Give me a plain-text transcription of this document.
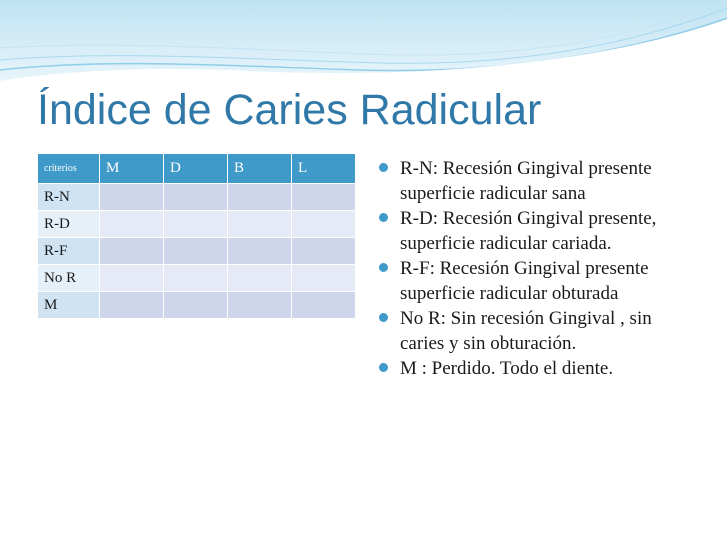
Índice de Caries Radicular
criterios	M	D	B	L
R-N				
R-D				
R-F				
No R				
M				
R-N: Recesión Gingival presente superficie radicular sana
R-D: Recesión Gingival presente, superficie radicular cariada.
R-F: Recesión Gingival presente superficie radicular obturada
No R: Sin recesión Gingival , sin caries y sin obturación.
M : Perdido. Todo el diente.
